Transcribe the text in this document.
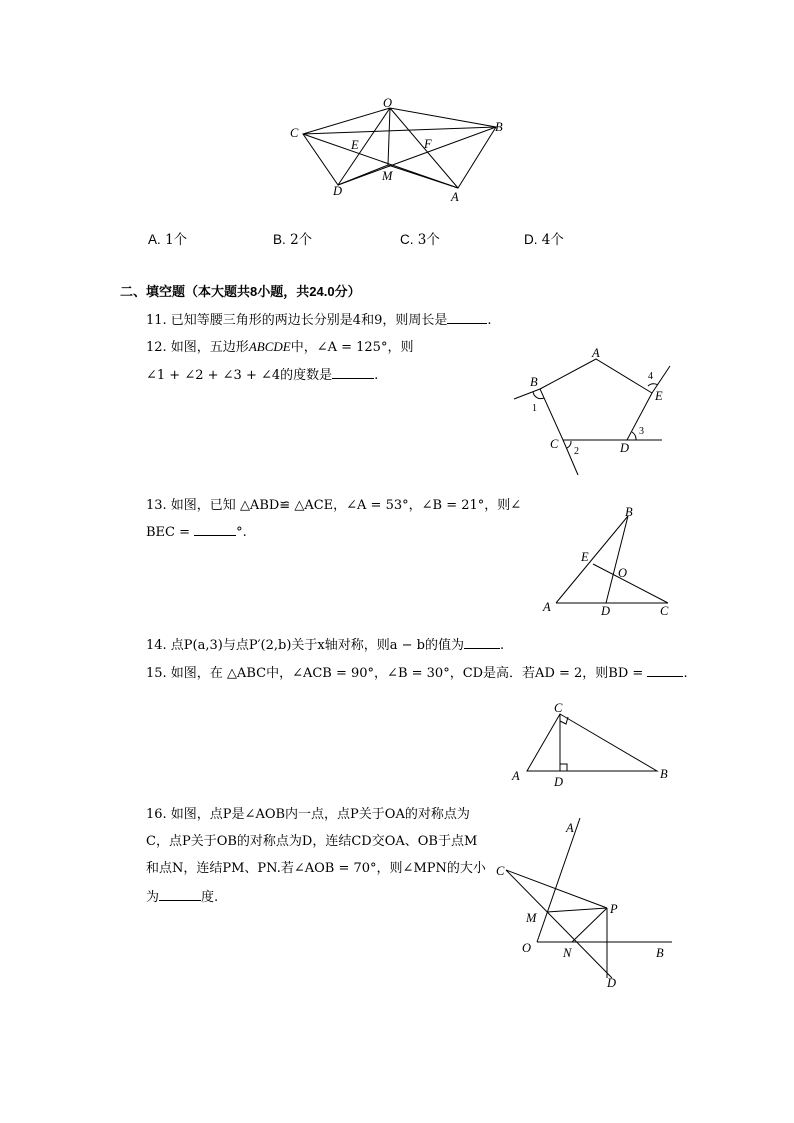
O
C	B
E	F
M
D	A
A. 1个	B. 2个	C. 3个	D. 4个
二、填空题（本大题共8小题，共24.0分）
11. 已知等腰三角形的两边长分别是4和9，则周长是	.
12. 如图，五边形ABCDE中，∠A = 125°，则
∠1 + ∠2 + ∠3 + ∠4的度数是	.
A
B
C	D
E
1
2
3
4
13. 如图，已知 △ABD≌ △ACE，∠A = 53°，∠B = 21°，则∠
BEC =	°.
B
E
O
A	D	C
14. 点P(a,3)与点P′(2,b)关于x轴对称，则a − b的值为	.
15. 如图，在 △ABC中，∠ACB = 90°，∠B = 30°，CD是高．若AD = 2，则BD =	.
C
A	D
B
16. 如图，点P是∠AOB内一点，点P关于OA的对称点为
C，点P关于OB的对称点为D，连结CD交OA、OB于点M
和点N，连结PM、PN.若∠AOB = 70°，则∠MPN的大小
为	度.
A
C
M
P
O	N	B
D
